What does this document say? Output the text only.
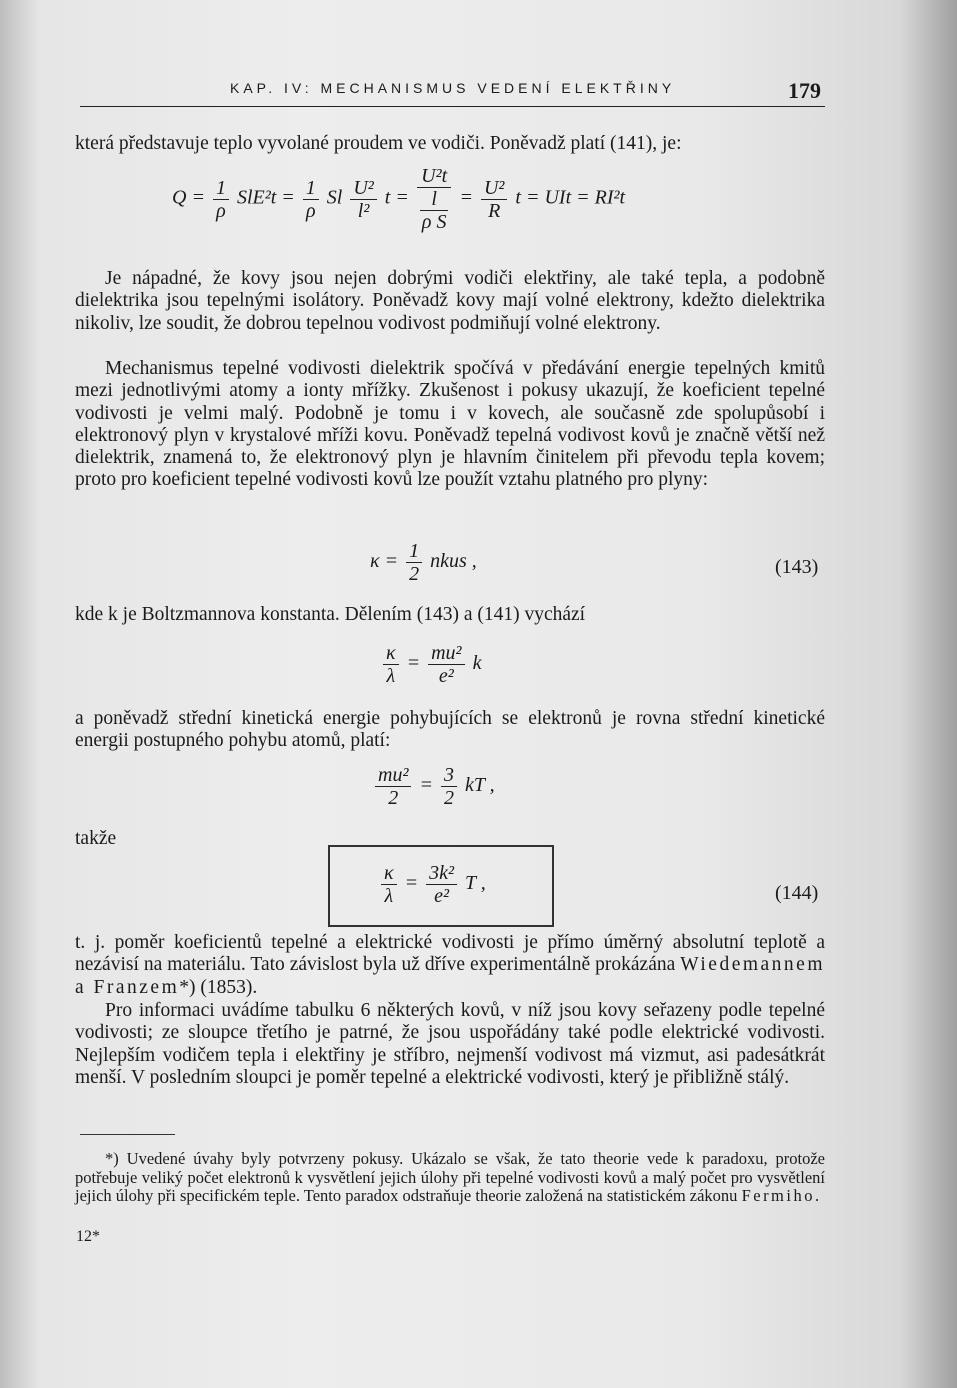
KAP. IV: MECHANISMUS VEDENÍ ELEKTŘINY	179

která představuje teplo vyvolané proudem ve vodiči. Poněvadž platí (141), je:

$Q = \frac{1}{\rho} SlE^2t = \frac{1}{\rho}$ Sl $\frac{\text{U²}}{\text{l²}}$ t =
U²t
l
ρ S
= $\frac{\text{U²}}{R}$ t = UIt = RI²t

Je nápadné, že kovy jsou nejen dobrými vodiči elektřiny, ale také tepla, a podobně dielektrika jsou tepelnými isolátory. Poněvadž kovy mají volné elektrony, kdežto dielektrika nikoliv, lze soudit, že dobrou tepelnou vodivost podmiňují volné elektrony.

Mechanismus tepelné vodivosti dielektrik spočívá v předávání energie tepelných kmitů mezi jednotlivými atomy a ionty mřížky. Zkušenost i pokusy ukazují, že koeficient tepelné vodivosti je velmi malý. Podobně je tomu i v kovech, ale současně zde spolupůsobí i elektronový plyn v krystalové mříži kovu. Poněvadž tepelná vodivost kovů je značně větší než dielektrik, znamená to, že elektronový plyn je hlavním činitelem při převodu tepla kovem; proto pro koeficient tepelné vodivosti kovů lze použít vztahu platného pro plyny:

$\kappa = \frac{1}{2}$ nkus ,	(143)

kde k je Boltzmannova konstanta. Dělením (143) a (141) vychází

$\frac{\kappa}{\lambda} = \frac{\text{mu²}}{\text{e²}}$ k

a poněvadž střední kinetická energie pohybujících se elektronů je rovna střední kinetické energii postupného pohybu atomů, platí:

$\frac{\text{mu²}}{2} = \frac{3}{2}$ kT ,

takže

$\frac{\kappa}{\lambda} = \frac{\text{3k²}}{\text{e²}}$ T ,	(144)

t. j. poměr koeficientů tepelné a elektrické vodivosti je přímo úměrný absolutní teplotě a nezávisí na materiálu. Tato závislost byla už dříve experimentálně prokázána Wiedemannem a Franzem*) (1853).

Pro informaci uvádíme tabulku 6 některých kovů, v níž jsou kovy seřazeny podle tepelné vodivosti; ze sloupce třetího je patrné, že jsou uspořádány také podle elektrické vodivosti. Nejlepším vodičem tepla i elektřiny je stříbro, nejmenší vodivost má vizmut, asi padesátkrát menší. V posledním sloupci je poměr tepelné a elektrické vodivosti, který je přibližně stálý.

*) Uvedené úvahy byly potvrzeny pokusy. Ukázalo se však, že tato theorie vede k paradoxu, protože potřebuje veliký počet elektronů k vysvětlení jejich úlohy při tepelné vodivosti kovů a malý počet pro vysvětlení jejich úlohy při specifickém teple. Tento paradox odstraňuje theorie založená na statistickém zákonu Fermiho.

12*
